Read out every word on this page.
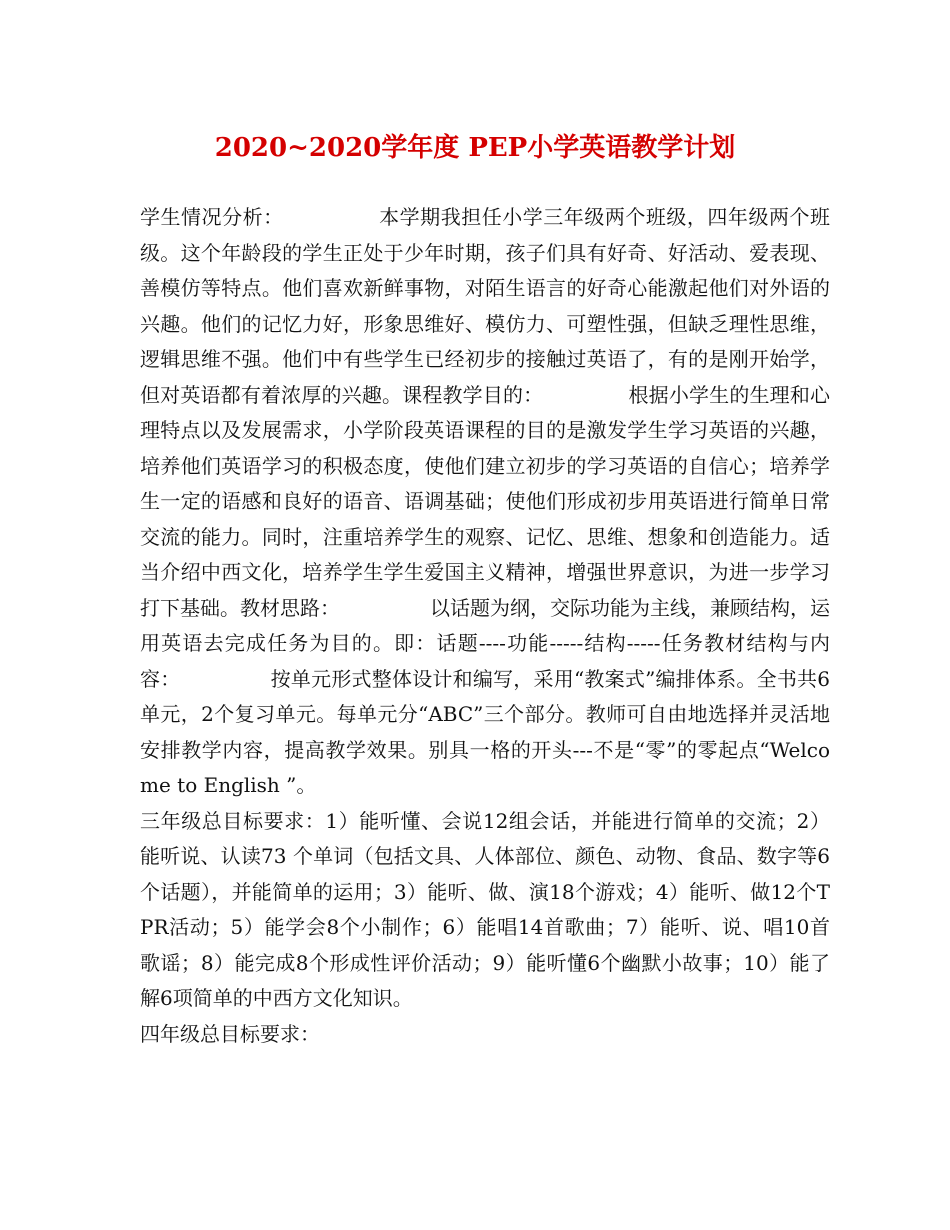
2020~2020学年度 PEP小学英语教学计划

学生情况分析：	本学期我担任小学三年级两个班级，四年级两个班级。这个年龄段的学生正处于少年时期，孩子们具有好奇、好活动、爱表现、善模仿等特点。他们喜欢新鲜事物，对陌生语言的好奇心能激起他们对外语的兴趣。他们的记忆力好，形象思维好、模仿力、可塑性强，但缺乏理性思维，逻辑思维不强。他们中有些学生已经初步的接触过英语了，有的是刚开始学，但对英语都有着浓厚的兴趣。课程教学目的：	根据小学生的生理和心理特点以及发展需求，小学阶段英语课程的目的是激发学生学习英语的兴趣，培养他们英语学习的积极态度，使他们建立初步的学习英语的自信心；培养学生一定的语感和良好的语音、语调基础；使他们形成初步用英语进行简单日常交流的能力。同时，注重培养学生的观察、记忆、思维、想象和创造能力。适当介绍中西文化，培养学生学生爱国主义精神，增强世界意识，为进一步学习打下基础。教材思路：	以话题为纲，交际功能为主线，兼顾结构，运用英语去完成任务为目的。即：话题----功能-----结构-----任务教材结构与内容：	按单元形式整体设计和编写，采用“教案式”编排体系。全书共6单元，2个复习单元。每单元分“ABC”三个部分。教师可自由地选择并灵活地安排教学内容，提高教学效果。别具一格的开头---不是“零”的零起点“Welcome to English ”。

三年级总目标要求：1）能听懂、会说12组会话，并能进行简单的交流；2）能听说、认读73 个单词（包括文具、人体部位、颜色、动物、食品、数字等6个话题），并能简单的运用；3）能听、做、演18个游戏；4）能听、做12个TPR活动；5）能学会8个小制作；6）能唱14首歌曲；7）能听、说、唱10首歌谣；8）能完成8个形成性评价活动；9）能听懂6个幽默小故事；10）能了解6项简单的中西方文化知识。

四年级总目标要求：
